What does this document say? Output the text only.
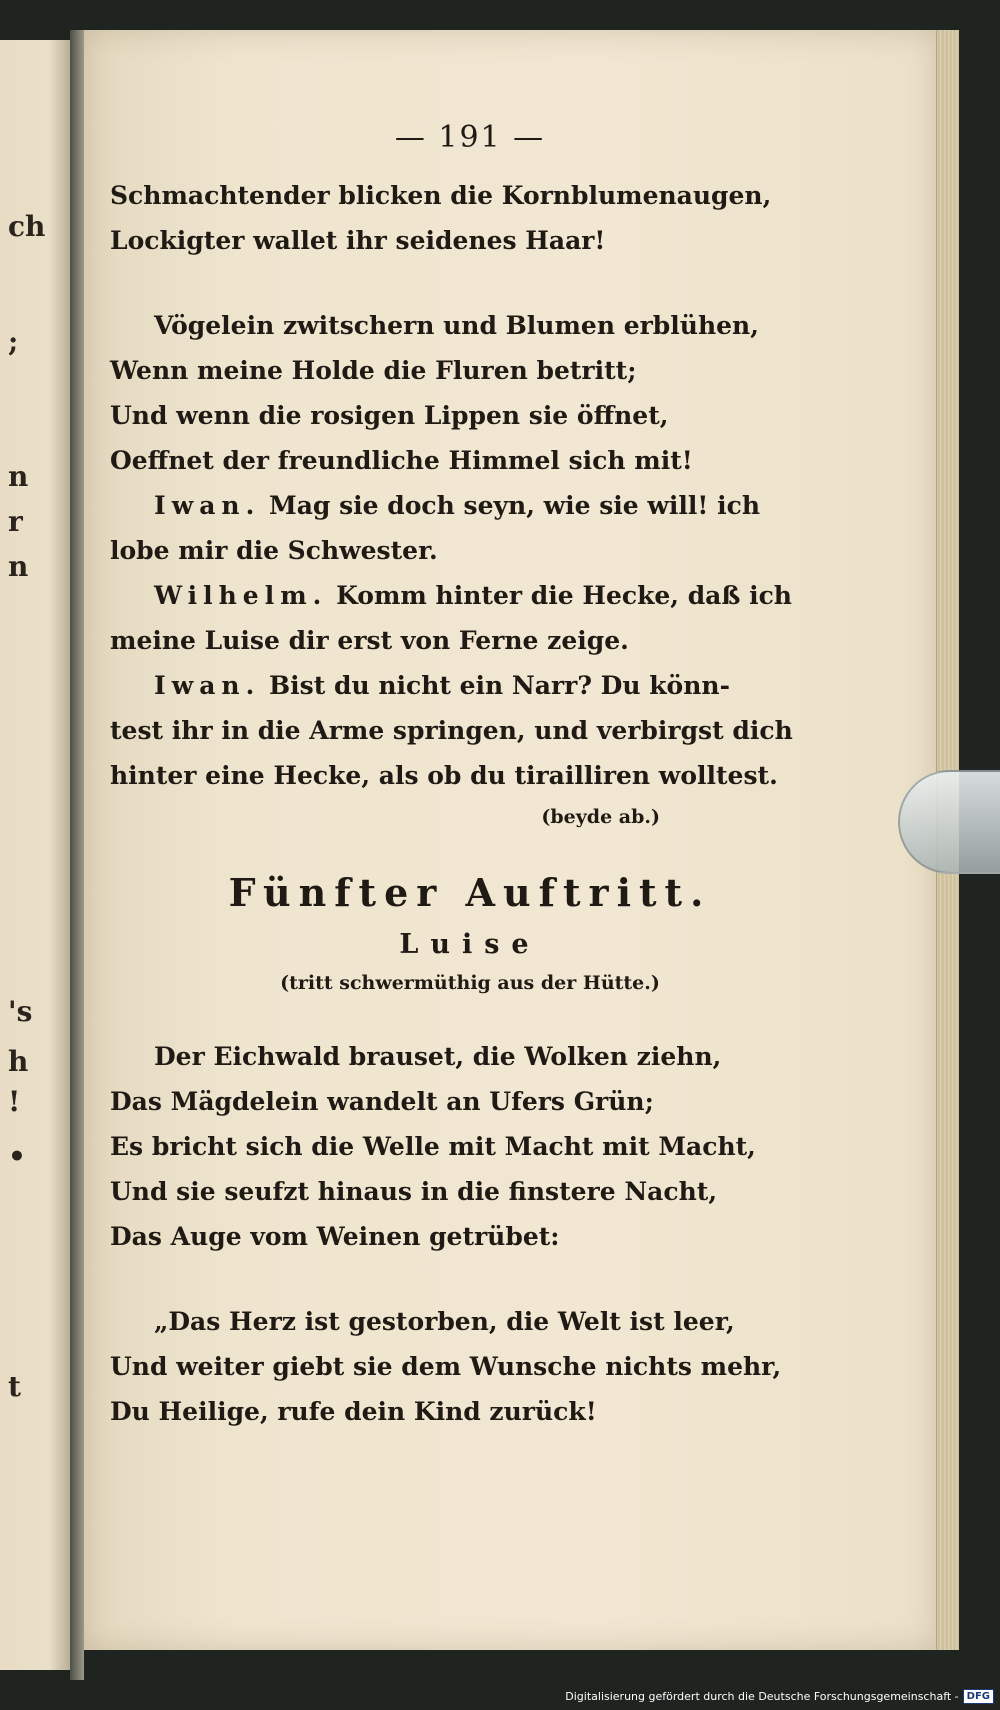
ch
;
n
r
n
's
h
!
•
t
— 191 —
Schmachtender blicken die Kornblumenaugen,
Lockigter wallet ihr seidenes Haar!
Vögelein zwitschern und Blumen erblühen,
Wenn meine Holde die Fluren betritt;
Und wenn die rosigen Lippen sie öffnet,
Oeffnet der freundliche Himmel sich mit!
Iwan. Mag sie doch seyn, wie sie will! ich
lobe mir die Schwester.
Wilhelm. Komm hinter die Hecke, daß ich
meine Luise dir erst von Ferne zeige.
Iwan. Bist du nicht ein Narr? Du könn-
test ihr in die Arme springen, und verbirgst dich
hinter eine Hecke, als ob du tirailliren wolltest.
(beyde ab.)
Fünfter Auftritt.
Luise
(tritt schwermüthig aus der Hütte.)
Der Eichwald brauset, die Wolken ziehn,
Das Mägdelein wandelt an Ufers Grün;
Es bricht sich die Welle mit Macht mit Macht,
Und sie seufzt hinaus in die finstere Nacht,
Das Auge vom Weinen getrübet:
„Das Herz ist gestorben, die Welt ist leer,
Und weiter giebt sie dem Wunsche nichts mehr,
Du Heilige, rufe dein Kind zurück!
Digitalisierung gefördert durch die Deutsche Forschungsgemeinschaft - DFG
